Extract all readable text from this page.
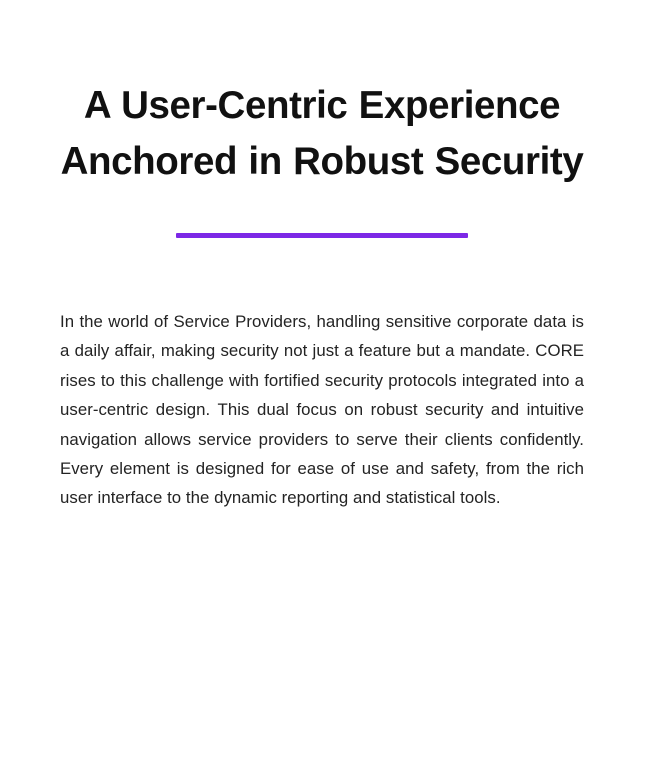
A User-Centric Experience Anchored in Robust Security

In the world of Service Providers, handling sensitive corporate data is a daily affair, making security not just a feature but a mandate. CORE rises to this challenge with fortified security protocols integrated into a user-centric design. This dual focus on robust security and intuitive navigation allows service providers to serve their clients confidently. Every element is designed for ease of use and safety, from the rich user interface to the dynamic reporting and statistical tools.
